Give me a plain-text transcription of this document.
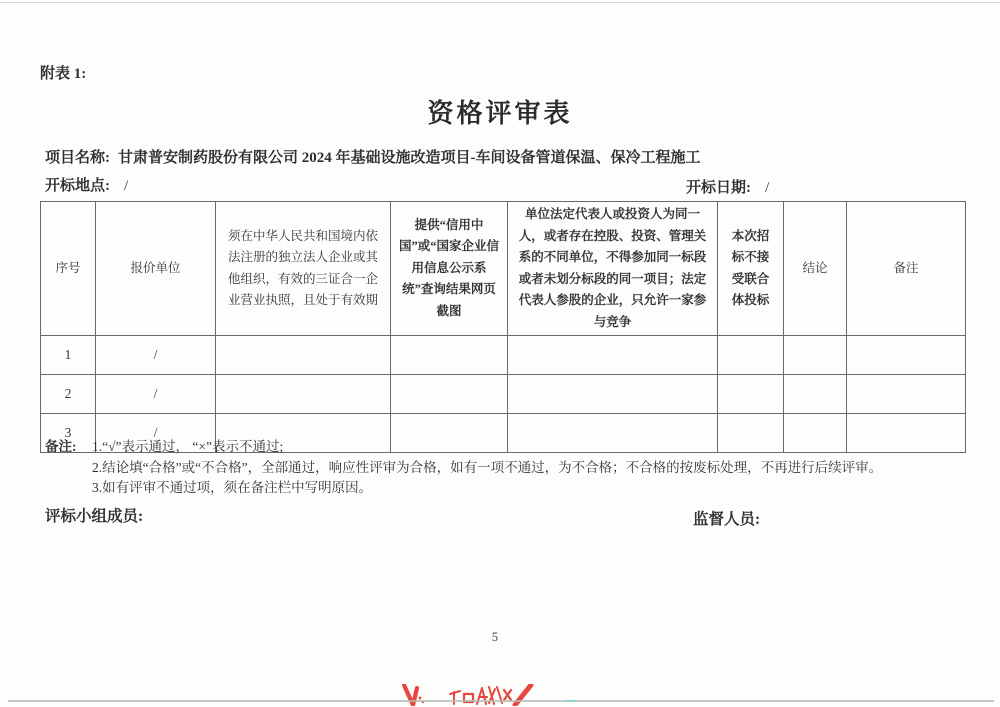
附表 1:
资格评审表
项目名称: 甘肃普安制药股份有限公司 2024 年基础设施改造项目-车间设备管道保温、保冷工程施工
开标地点: /	开标日期: /
序号	报价单位	须在中华人民共和国境内依法注册的独立法人企业或其他组织，有效的三证合一企业营业执照，且处于有效期	提供“信用中国”或“国家企业信用信息公示系统”查询结果网页截图	单位法定代表人或投资人为同一人，或者存在控股、投资、管理关系的不同单位，不得参加同一标段或者未划分标段的同一项目；法定代表人参股的企业，只允许一家参与竞争	本次招标不接受联合体投标	结论	备注
1	/						
2	/						
3	/						
备注: 1.“√”表示通过， “×”表示不通过;
2.结论填“合格”或“不合格”，全部通过，响应性评审为合格，如有一项不通过，为不合格；不合格的按废标处理，不再进行后续评审。
3.如有评审不通过项，须在备注栏中写明原因。
评标小组成员:	监督人员:
5
